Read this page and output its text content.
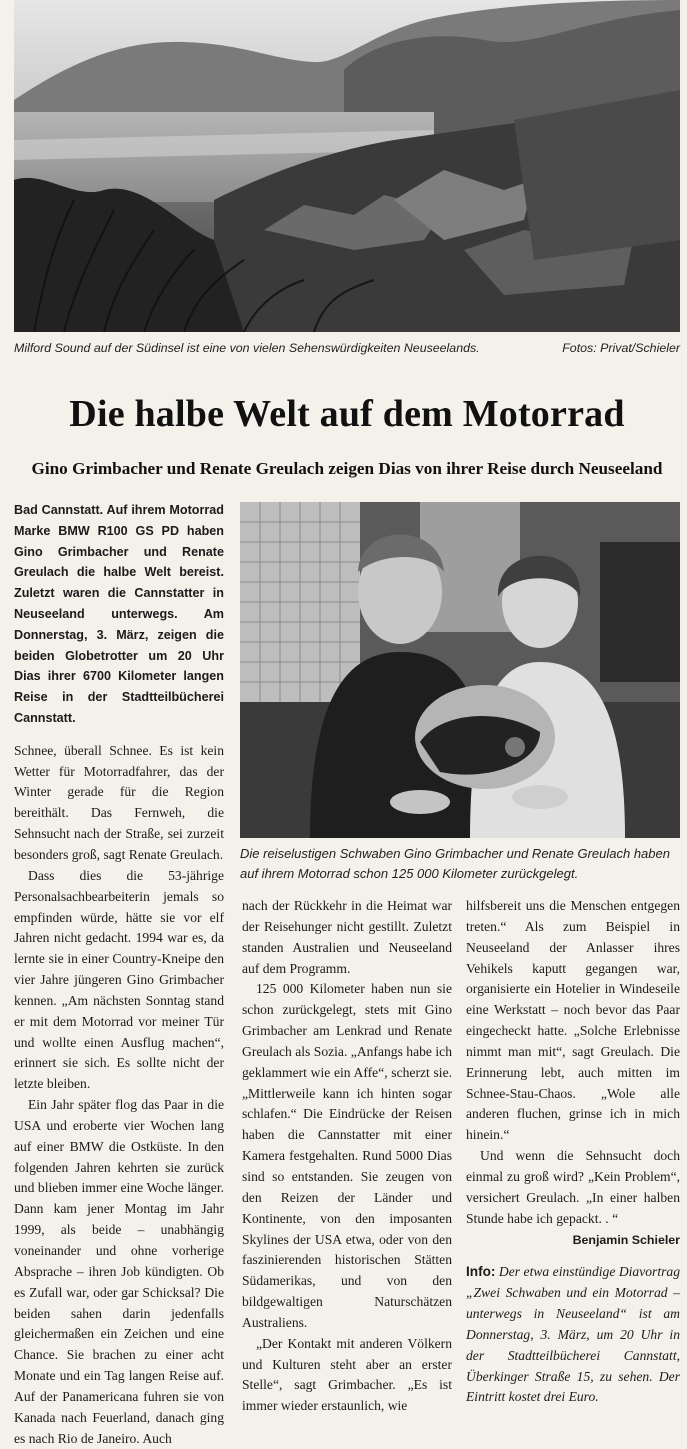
Milford Sound auf der Südinsel ist eine von vielen Sehenswürdigkeiten Neuseelands.	Fotos: Privat/Schieler
Die halbe Welt auf dem Motorrad
Gino Grimbacher und Renate Greulach zeigen Dias von ihrer Reise durch Neuseeland

Bad Cannstatt. Auf ihrem Motorrad Marke BMW R100 GS PD haben Gino Grimbacher und Renate Greulach die halbe Welt bereist. Zuletzt waren die Cannstatter in Neuseeland unterwegs. Am Donnerstag, 3. März, zeigen die beiden Globetrotter um 20 Uhr Dias ihrer 6700 Kilometer langen Reise in der Stadtteilbücherei Cannstatt.

Schnee, überall Schnee. Es ist kein Wetter für Motorradfahrer, das der Winter gerade für die Region bereithält. Das Fernweh, die Sehnsucht nach der Straße, sei zurzeit besonders groß, sagt Renate Greulach.

Dass dies die 53-jährige Personalsachbearbeiterin jemals so empfinden würde, hätte sie vor elf Jahren nicht gedacht. 1994 war es, da lernte sie in einer Country-Kneipe den vier Jahre jüngeren Gino Grimbacher kennen. „Am nächsten Sonntag stand er mit dem Motorrad vor meiner Tür und wollte einen Ausflug machen“, erinnert sie sich. Es sollte nicht der letzte bleiben.

Ein Jahr später flog das Paar in die USA und eroberte vier Wochen lang auf einer BMW die Ostküste. In den folgenden Jahren kehrten sie zurück und blieben immer eine Woche länger. Dann kam jener Montag im Jahr 1999, als beide – unabhängig voneinander und ohne vorherige Absprache – ihren Job kündigten. Ob es Zufall war, oder gar Schicksal? Die beiden sahen darin jedenfalls gleichermaßen ein Zeichen und eine Chance. Sie brachen zu einer acht Monate und ein Tag langen Reise auf. Auf der Panamericana fuhren sie von Kanada nach Feuerland, danach ging es nach Rio de Janeiro. Auch

Die reiselustigen Schwaben Gino Grimbacher und Renate Greulach haben auf ihrem Motorrad schon 125 000 Kilometer zurückgelegt.

nach der Rückkehr in die Heimat war der Reisehunger nicht gestillt. Zuletzt standen Australien und Neuseeland auf dem Programm.

125 000 Kilometer haben nun sie schon zurückgelegt, stets mit Gino Grimbacher am Lenkrad und Renate Greulach als Sozia. „Anfangs habe ich geklammert wie ein Affe“, scherzt sie. „Mittlerweile kann ich hinten sogar schlafen.“ Die Eindrücke der Reisen haben die Cannstatter mit einer Kamera festgehalten. Rund 5000 Dias sind so entstanden. Sie zeugen von den Reizen der Länder und Kontinente, von den imposanten Skylines der USA etwa, oder von den faszinierenden historischen Stätten Südamerikas, und von den bildgewaltigen Naturschätzen Australiens.

„Der Kontakt mit anderen Völkern und Kulturen steht aber an erster Stelle“, sagt Grimbacher. „Es ist immer wieder erstaunlich, wie

hilfsbereit uns die Menschen entgegen treten.“ Als zum Beispiel in Neuseeland der Anlasser ihres Vehikels kaputt gegangen war, organisierte ein Hotelier in Windeseile eine Werkstatt – noch bevor das Paar eingecheckt hatte. „Solche Erlebnisse nimmt man mit“, sagt Greulach. Die Erinnerung lebt, auch mitten im Schnee-Stau-Chaos. „Wole alle anderen fluchen, grinse ich in mich hinein.“

Und wenn die Sehnsucht doch einmal zu groß wird? „Kein Problem“, versichert Greulach. „In einer halben Stunde habe ich gepackt. . “

Benjamin Schieler

Info: Der etwa einstündige Diavortrag „Zwei Schwaben und ein Motorrad – unterwegs in Neuseeland“ ist am Donnerstag, 3. März, um 20 Uhr in der Stadtteilbücherei Cannstatt, Überkinger Straße 15, zu sehen. Der Eintritt kostet drei Euro.
